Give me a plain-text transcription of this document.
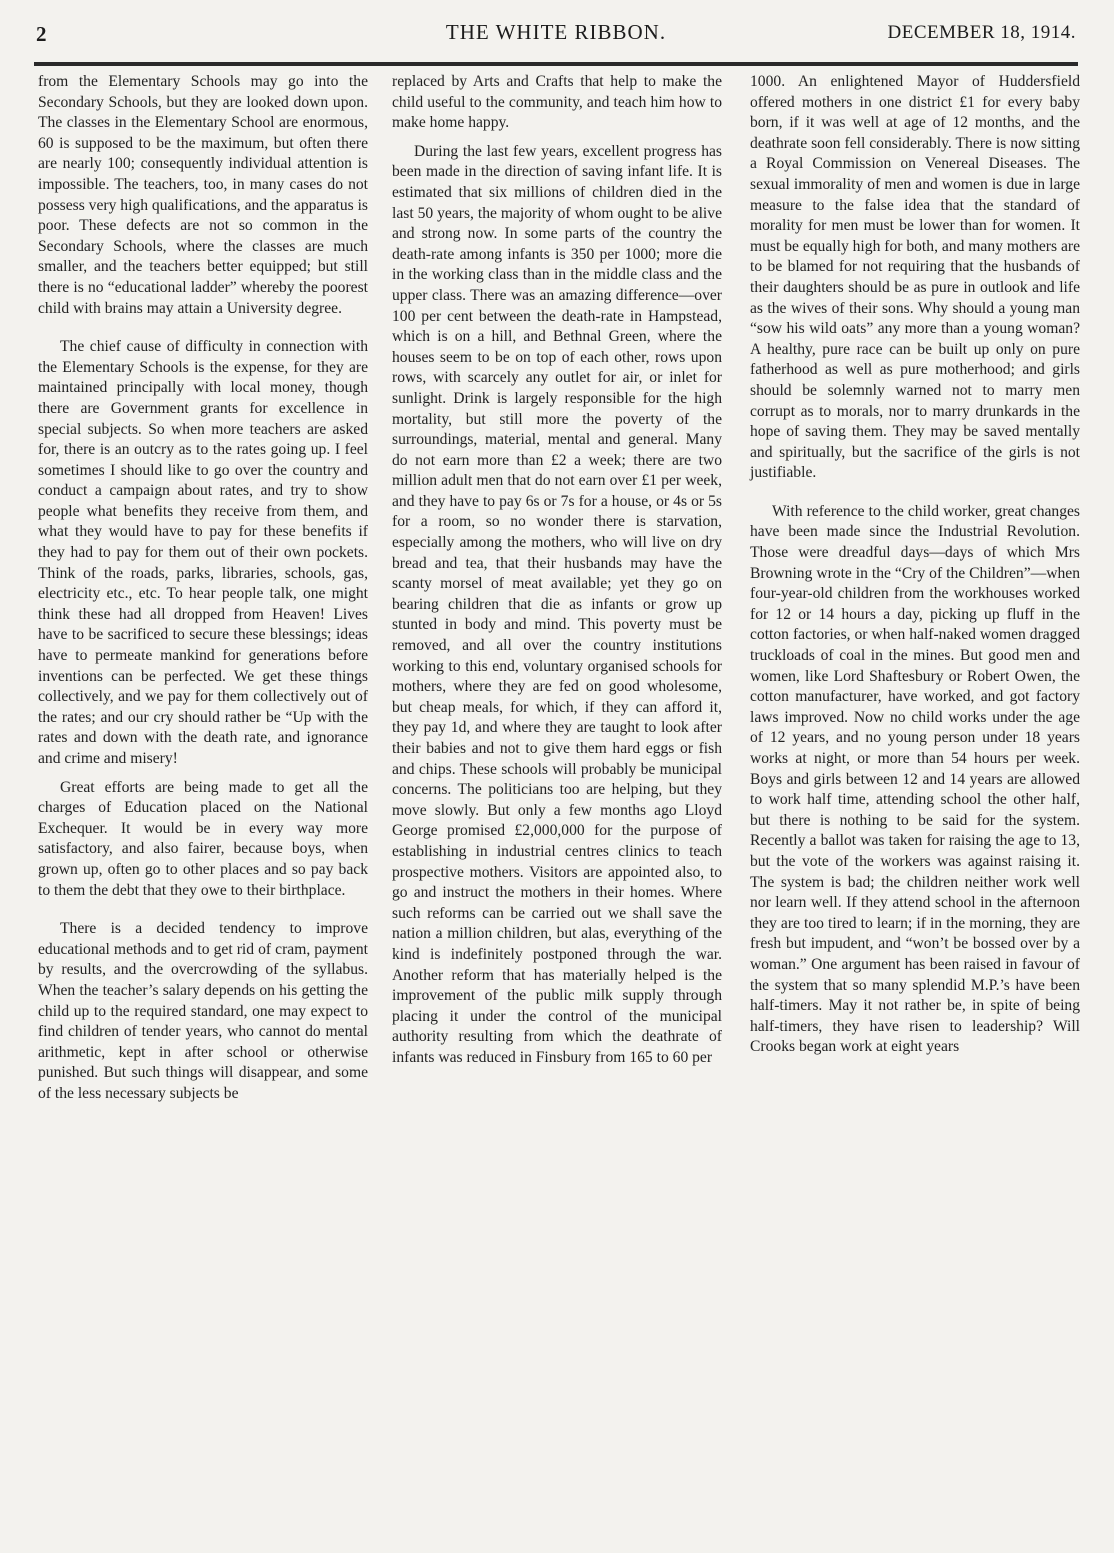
2	THE WHITE RIBBON.	DECEMBER 18, 1914.

from the Elementary Schools may go into the Secondary Schools, but they are looked down upon. The classes in the Elementary School are enormous, 60 is supposed to be the maximum, but often there are nearly 100; consequently individual attention is impossible. The teachers, too, in many cases do not possess very high qualifications, and the apparatus is poor. These defects are not so common in the Secondary Schools, where the classes are much smaller, and the teachers better equipped; but still there is no “educational ladder” whereby the poorest child with brains may attain a University degree.

The chief cause of difficulty in connection with the Elementary Schools is the expense, for they are maintained principally with local money, though there are Government grants for excellence in special subjects. So when more teachers are asked for, there is an outcry as to the rates going up. I feel sometimes I should like to go over the country and conduct a campaign about rates, and try to show people what benefits they receive from them, and what they would have to pay for these benefits if they had to pay for them out of their own pockets. Think of the roads, parks, libraries, schools, gas, electricity etc., etc. To hear people talk, one might think these had all dropped from Heaven! Lives have to be sacrificed to secure these blessings; ideas have to permeate mankind for generations before inventions can be perfected. We get these things collectively, and we pay for them collectively out of the rates; and our cry should rather be “Up with the rates and down with the death rate, and ignorance and crime and misery!

Great efforts are being made to get all the charges of Education placed on the National Exchequer. It would be in every way more satisfactory, and also fairer, because boys, when grown up, often go to other places and so pay back to them the debt that they owe to their birthplace.

There is a decided tendency to improve educational methods and to get rid of cram, payment by results, and the overcrowding of the syllabus. When the teacher’s salary depends on his getting the child up to the required standard, one may expect to find children of tender years, who cannot do mental arithmetic, kept in after school or otherwise punished. But such things will disappear, and some of the less necessary subjects be

replaced by Arts and Crafts that help to make the child useful to the community, and teach him how to make home happy.

During the last few years, excellent progress has been made in the direction of saving infant life. It is estimated that six millions of children died in the last 50 years, the majority of whom ought to be alive and strong now. In some parts of the country the death-rate among infants is 350 per 1000; more die in the working class than in the middle class and the upper class. There was an amazing difference—over 100 per cent between the death-rate in Hampstead, which is on a hill, and Bethnal Green, where the houses seem to be on top of each other, rows upon rows, with scarcely any outlet for air, or inlet for sunlight. Drink is largely responsible for the high mortality, but still more the poverty of the surroundings, material, mental and general. Many do not earn more than £2 a week; there are two million adult men that do not earn over £1 per week, and they have to pay 6s or 7s for a house, or 4s or 5s for a room, so no wonder there is starvation, especially among the mothers, who will live on dry bread and tea, that their husbands may have the scanty morsel of meat available; yet they go on bearing children that die as infants or grow up stunted in body and mind. This poverty must be removed, and all over the country institutions working to this end, voluntary organised schools for mothers, where they are fed on good wholesome, but cheap meals, for which, if they can afford it, they pay 1d, and where they are taught to look after their babies and not to give them hard eggs or fish and chips. These schools will probably be municipal concerns. The politicians too are helping, but they move slowly. But only a few months ago Lloyd George promised £2,000,000 for the purpose of establishing in industrial centres clinics to teach prospective mothers. Visitors are appointed also, to go and instruct the mothers in their homes. Where such reforms can be carried out we shall save the nation a million children, but alas, everything of the kind is indefinitely postponed through the war. Another reform that has materially helped is the improvement of the public milk supply through placing it under the control of the municipal authority resulting from which the deathrate of infants was reduced in Finsbury from 165 to 60 per

1000. An enlightened Mayor of Huddersfield offered mothers in one district £1 for every baby born, if it was well at age of 12 months, and the deathrate soon fell considerably. There is now sitting a Royal Commission on Venereal Diseases. The sexual immorality of men and women is due in large measure to the false idea that the standard of morality for men must be lower than for women. It must be equally high for both, and many mothers are to be blamed for not requiring that the husbands of their daughters should be as pure in outlook and life as the wives of their sons. Why should a young man “sow his wild oats” any more than a young woman? A healthy, pure race can be built up only on pure fatherhood as well as pure motherhood; and girls should be solemnly warned not to marry men corrupt as to morals, nor to marry drunkards in the hope of saving them. They may be saved mentally and spiritually, but the sacrifice of the girls is not justifiable.

With reference to the child worker, great changes have been made since the Industrial Revolution. Those were dreadful days—days of which Mrs Browning wrote in the “Cry of the Children”—when four-year-old children from the workhouses worked for 12 or 14 hours a day, picking up fluff in the cotton factories, or when half-naked women dragged truckloads of coal in the mines. But good men and women, like Lord Shaftesbury or Robert Owen, the cotton manufacturer, have worked, and got factory laws improved. Now no child works under the age of 12 years, and no young person under 18 years works at night, or more than 54 hours per week. Boys and girls between 12 and 14 years are allowed to work half time, attending school the other half, but there is nothing to be said for the system. Recently a ballot was taken for raising the age to 13, but the vote of the workers was against raising it. The system is bad; the children neither work well nor learn well. If they attend school in the afternoon they are too tired to learn; if in the morning, they are fresh but impudent, and “won’t be bossed over by a woman.” One argument has been raised in favour of the system that so many splendid M.P.’s have been half-timers. May it not rather be, in spite of being half-timers, they have risen to leadership? Will Crooks began work at eight years
